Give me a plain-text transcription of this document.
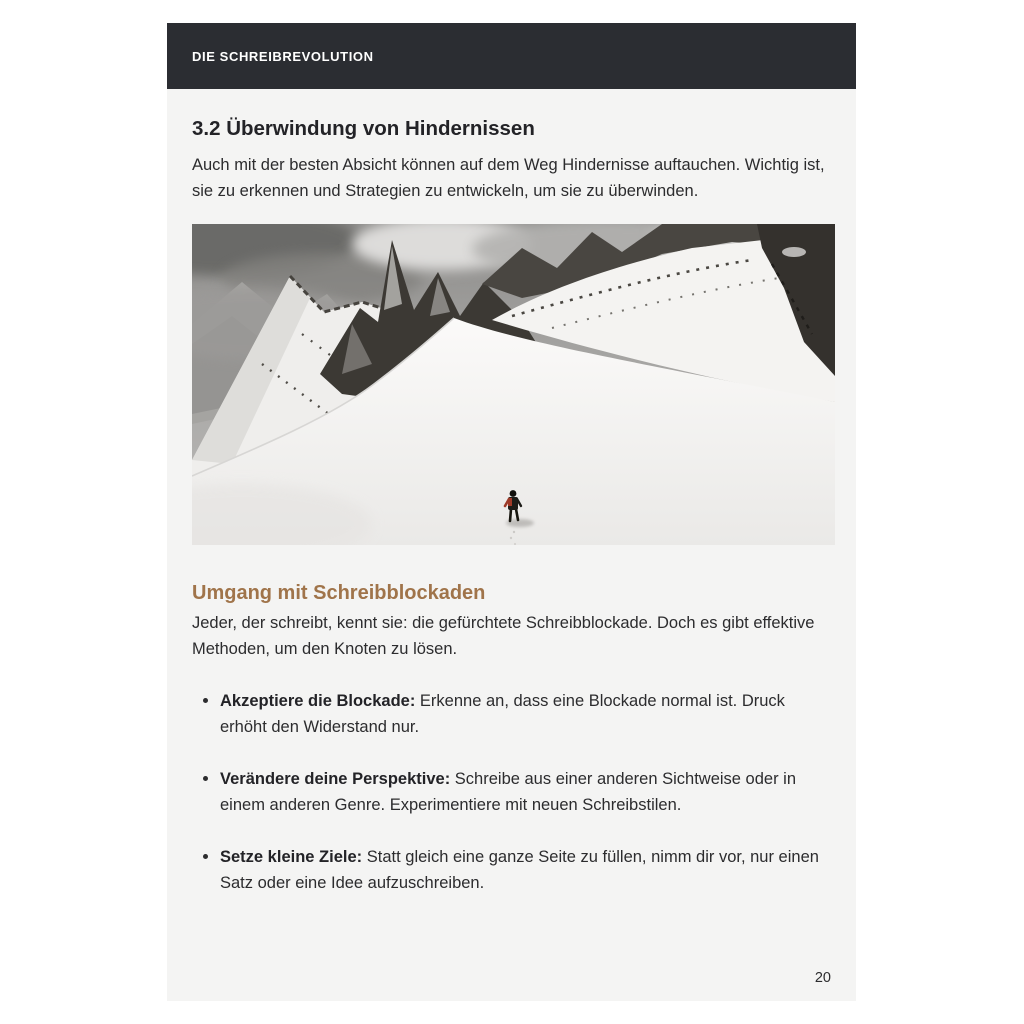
DIE SCHREIBREVOLUTION
3.2 Überwindung von Hindernissen

Auch mit der besten Absicht können auf dem Weg Hindernisse auftauchen. Wichtig ist, sie zu erkennen und Strategien zu entwickeln, um sie zu überwinden.

Umgang mit Schreibblockaden

Jeder, der schreibt, kennt sie: die gefürchtete Schreibblockade. Doch es gibt effektive Methoden, um den Knoten zu lösen.

Akzeptiere die Blockade: Erkenne an, dass eine Blockade normal ist. Druck erhöht den Widerstand nur.
Verändere deine Perspektive: Schreibe aus einer anderen Sichtweise oder in einem anderen Genre. Experimentiere mit neuen Schreibstilen.
Setze kleine Ziele: Statt gleich eine ganze Seite zu füllen, nimm dir vor, nur einen Satz oder eine Idee aufzuschreiben.
20
